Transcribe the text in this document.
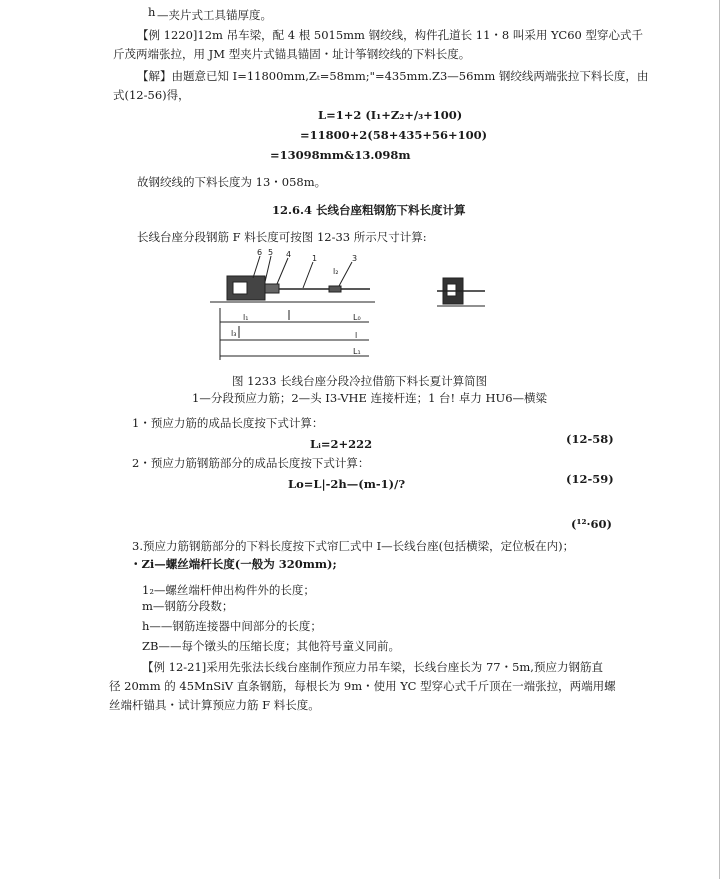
h —夹片式工具锚厚度。
【例 1220]12m 吊车梁，配 4 根 5015mm 钢绞线，构件孔道长 11・8 叫采用 YC60 型穿心式千
斤茂两端张拉，用 JM 型夹片式锚具锚固・址计筝钢绞线的下料长度。
【解】由题意已知 I=11800mm,Zₜ=58mm;"=435mm.Z3—56mm 钢绞线两端张拉下料长度，由
式(12-56)得，
L=1+2 (Ⅰ₁+Z₂+/₃+100)
=11800+2(58+435+56+100)
=13098mm&13.098m
故钢绞线的下料长度为 13・058m。
12.6.4 长线台座粗钢筋下料长度计算
长线台座分段钢筋 F 料长度可按图 12-33 所示尺寸计算:
6 5 4	1	3
l₂
l₁
l₃
L₀
l
L₁
图 1233 长线台座分段冷拉借筋下料长夏计算简图
1—分段预应力筋；2—头 I3-VHE 连接杆连；1 台! 卓力 HU6—横粱
1・预应力筋的成品长度按下式计算：
Lᵢ=2+222	(12-58)
2・预应力筋钢筋部分的成品长度按下式计算：
Lo=L|-2h—(m-1)/?	(12-59)
(¹²·60)
3.预应力筋钢筋部分的下料长度按下式帘匚式中 I—长线台座(包括横梁，定位板在内)；
・Zi—螺丝端杆长度(一般为 320mm);
1₂—螺丝端杆伸出构件外的长度；
m—钢筋分段数；
h——钢筋连接器中间部分的长度；
ZB——每个镦头的压缩长度；其他符号童义同前。
【例 12-21]采用先张法长线台座制作预应力吊车梁，长线台座长为 77・5m,预应力钢筋直
径 20mm 的 45MnSiV 直条钢筋，每根长为 9m・使用 YC 型穿心式千斤顶在一端张拉，两端用螺
丝端杆锚具・试计算预应力筋 F 料长度。
